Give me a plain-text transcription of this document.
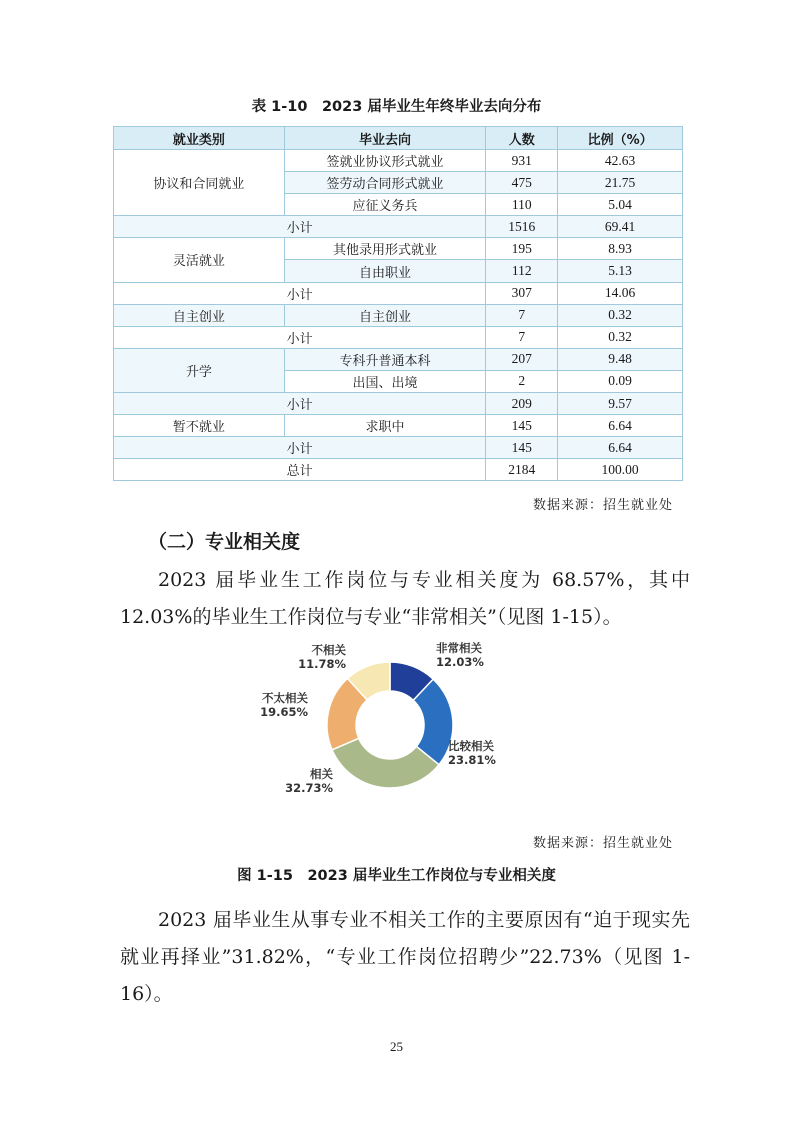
表 1-10　2023 届毕业生年终毕业去向分布
就业类别	毕业去向	人数	比例（%）
协议和合同就业	签就业协议形式就业	931	42.63
	签劳动合同形式就业	475	21.75
	应征义务兵	110	5.04
小计		1516	69.41
灵活就业	其他录用形式就业	195	8.93
	自由职业	112	5.13
小计		307	14.06
自主创业	自主创业	7	0.32
小计		7	0.32
升学	专科升普通本科	207	9.48
	出国、出境	2	0.09
小计		209	9.57
暂不就业	求职中	145	6.64
小计		145	6.64
总计		2184	100.00
数据来源：招生就业处
（二）专业相关度
2023 届毕业生工作岗位与专业相关度为 68.57%，其中 12.03%的毕业生工作岗位与专业“非常相关”（见图 1-15）。
非常相关
12.03%
比较相关
23.81%
相关
32.73%
不太相关
19.65%
不相关
11.78%
数据来源：招生就业处
图 1-15　2023 届毕业生工作岗位与专业相关度
2023 届毕业生从事专业不相关工作的主要原因有“迫于现实先就业再择业”31.82%，“专业工作岗位招聘少”22.73%（见图 1-16）。
25
